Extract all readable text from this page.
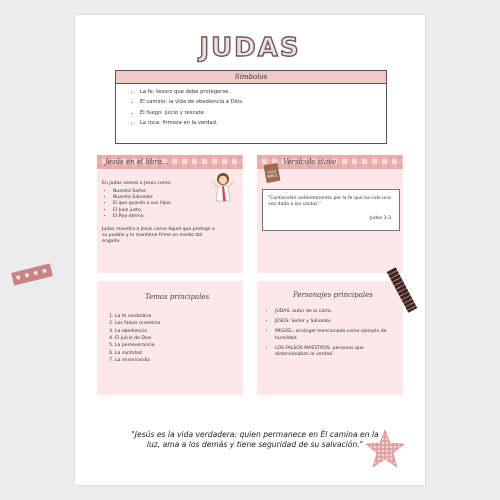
JUDAS
Símbolos
• La fe: tesoro que debe protegerse.
• El camino: la vida de obediencia a Dios.
• El fuego: juicio y rescate.
• La roca: firmeza en la verdad.
Jesús en el libro...
En Judas vemos a Jesús como:
• Nuestro Señor.
• Nuestro Salvador.
• El que guarda a sus hijos.
• El Juez justo.
• El Rey eterno.
Judas muestra a Jesús como Aquel que protege a su pueblo y lo mantiene firme en medio del engaño.
HOLY
BIBLE
Versículo clave
"Contiendan ardientemente por la fe que ha sido una vez dada a los santos."
Judas 1:3
Temas principales
1. La fe verdadera
2. Los falsos maestros
3. La obediencia
4. El juicio de Dios
5. La perseverancia
6. La santidad
7. La misericordia
Personajes principales
• JUDAS: autor de la carta.
• JESÚS: Señor y Salvador.
• MIGUEL: arcángel mencionado como ejemplo de humildad.
• LOS FALSOS MAESTROS: personas que distorsionaban la verdad.
"Jesús es la vida verdadera: quien permanece en Él camina en la luz, ama a los demás y tiene seguridad de su salvación."
